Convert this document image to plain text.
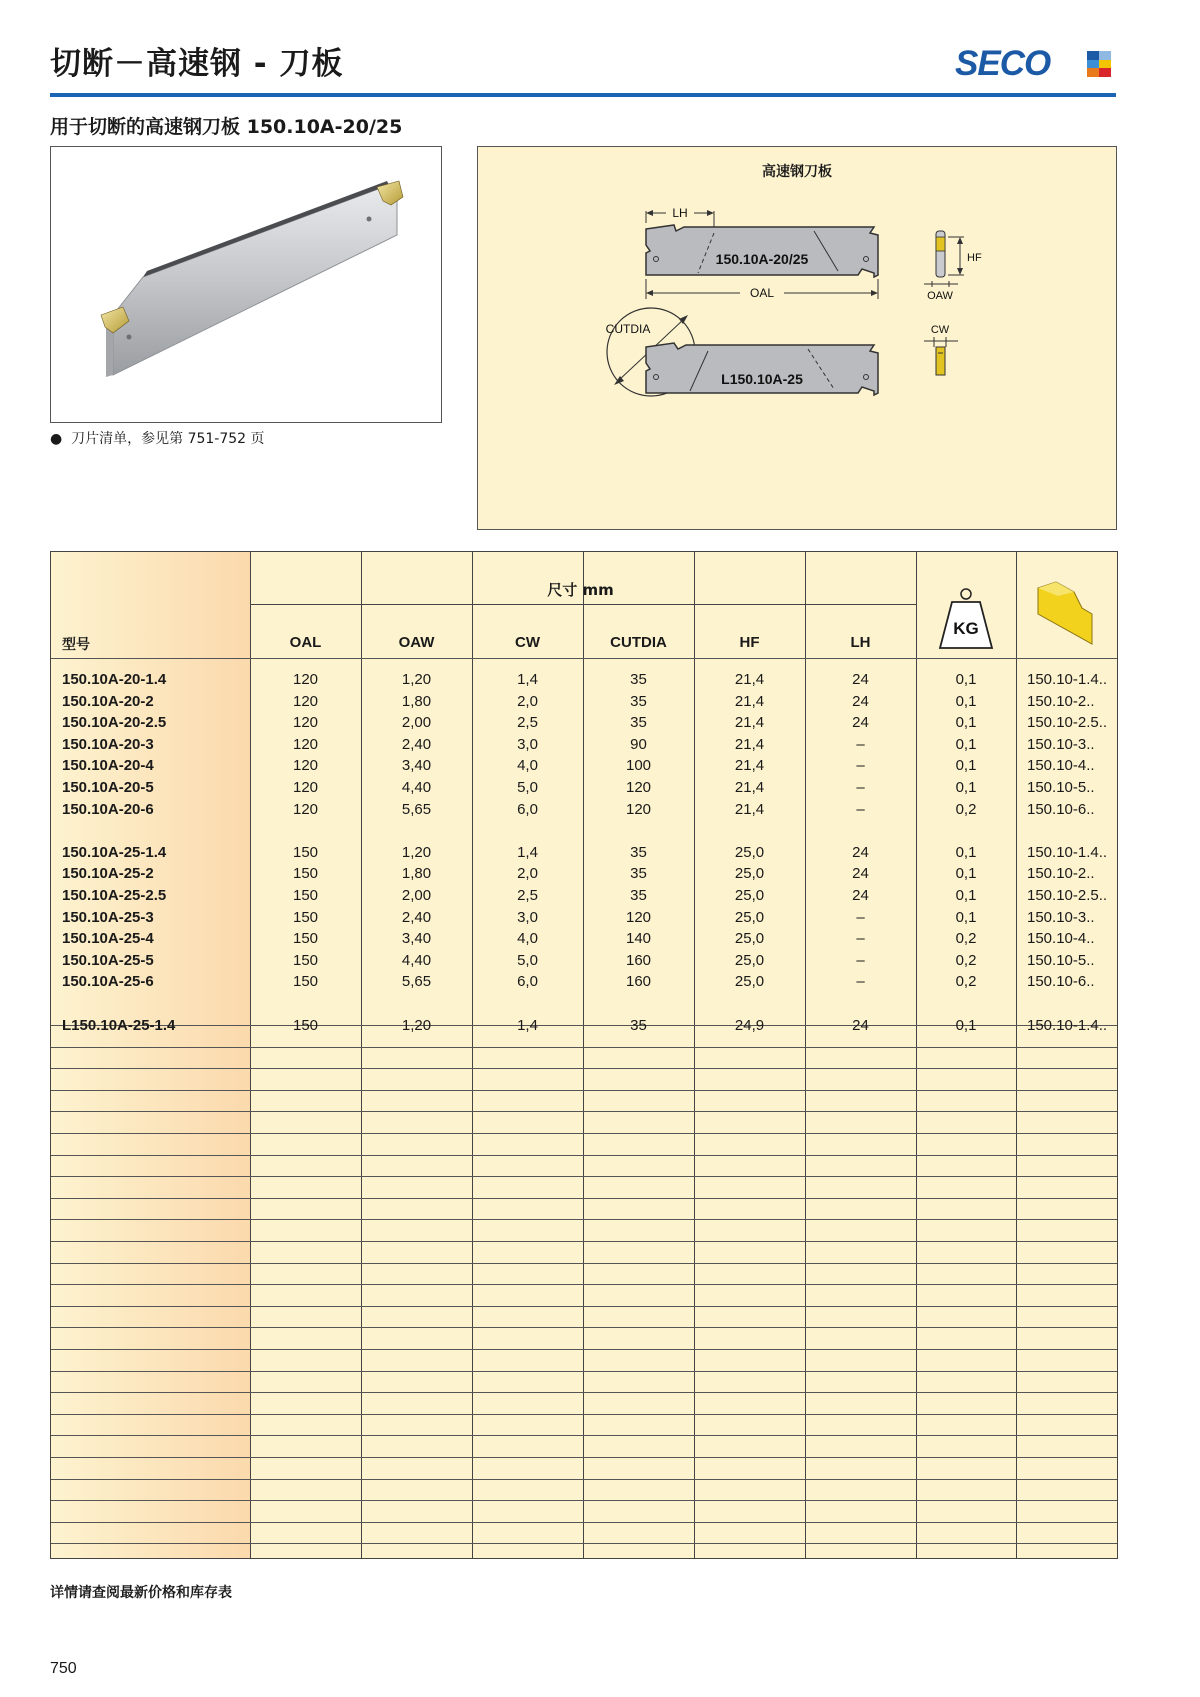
切断－高速钢 - 刀板	SECO
用于切断的高速钢刀板 150.10A-20/25
●  刀片清单，参见第 751-752 页
高速钢刀板
150.10A-20/25
LH
OAL
HF
OAW
CW
CUTDIA
L150.10A-25
尺寸 mm
型号	OAL	OAW	CW	CUTDIA	HF	LH
KG
150.10A-20-1.4	120	1,20	1,4	35	21,4	24	0,1	150.10-1.4..
150.10A-20-2	120	1,80	2,0	35	21,4	24	0,1	150.10-2..
150.10A-20-2.5	120	2,00	2,5	35	21,4	24	0,1	150.10-2.5..
150.10A-20-3	120	2,40	3,0	90	21,4	–	0,1	150.10-3..
150.10A-20-4	120	3,40	4,0	100	21,4	–	0,1	150.10-4..
150.10A-20-5	120	4,40	5,0	120	21,4	–	0,1	150.10-5..
150.10A-20-6	120	5,65	6,0	120	21,4	–	0,2	150.10-6..
150.10A-25-1.4	150	1,20	1,4	35	25,0	24	0,1	150.10-1.4..
150.10A-25-2	150	1,80	2,0	35	25,0	24	0,1	150.10-2..
150.10A-25-2.5	150	2,00	2,5	35	25,0	24	0,1	150.10-2.5..
150.10A-25-3	150	2,40	3,0	120	25,0	–	0,1	150.10-3..
150.10A-25-4	150	3,40	4,0	140	25,0	–	0,2	150.10-4..
150.10A-25-5	150	4,40	5,0	160	25,0	–	0,2	150.10-5..
150.10A-25-6	150	5,65	6,0	160	25,0	–	0,2	150.10-6..
L150.10A-25-1.4	150	1,20	1,4	35	24,9	24	0,1	150.10-1.4..
详情请查阅最新价格和库存表
750
